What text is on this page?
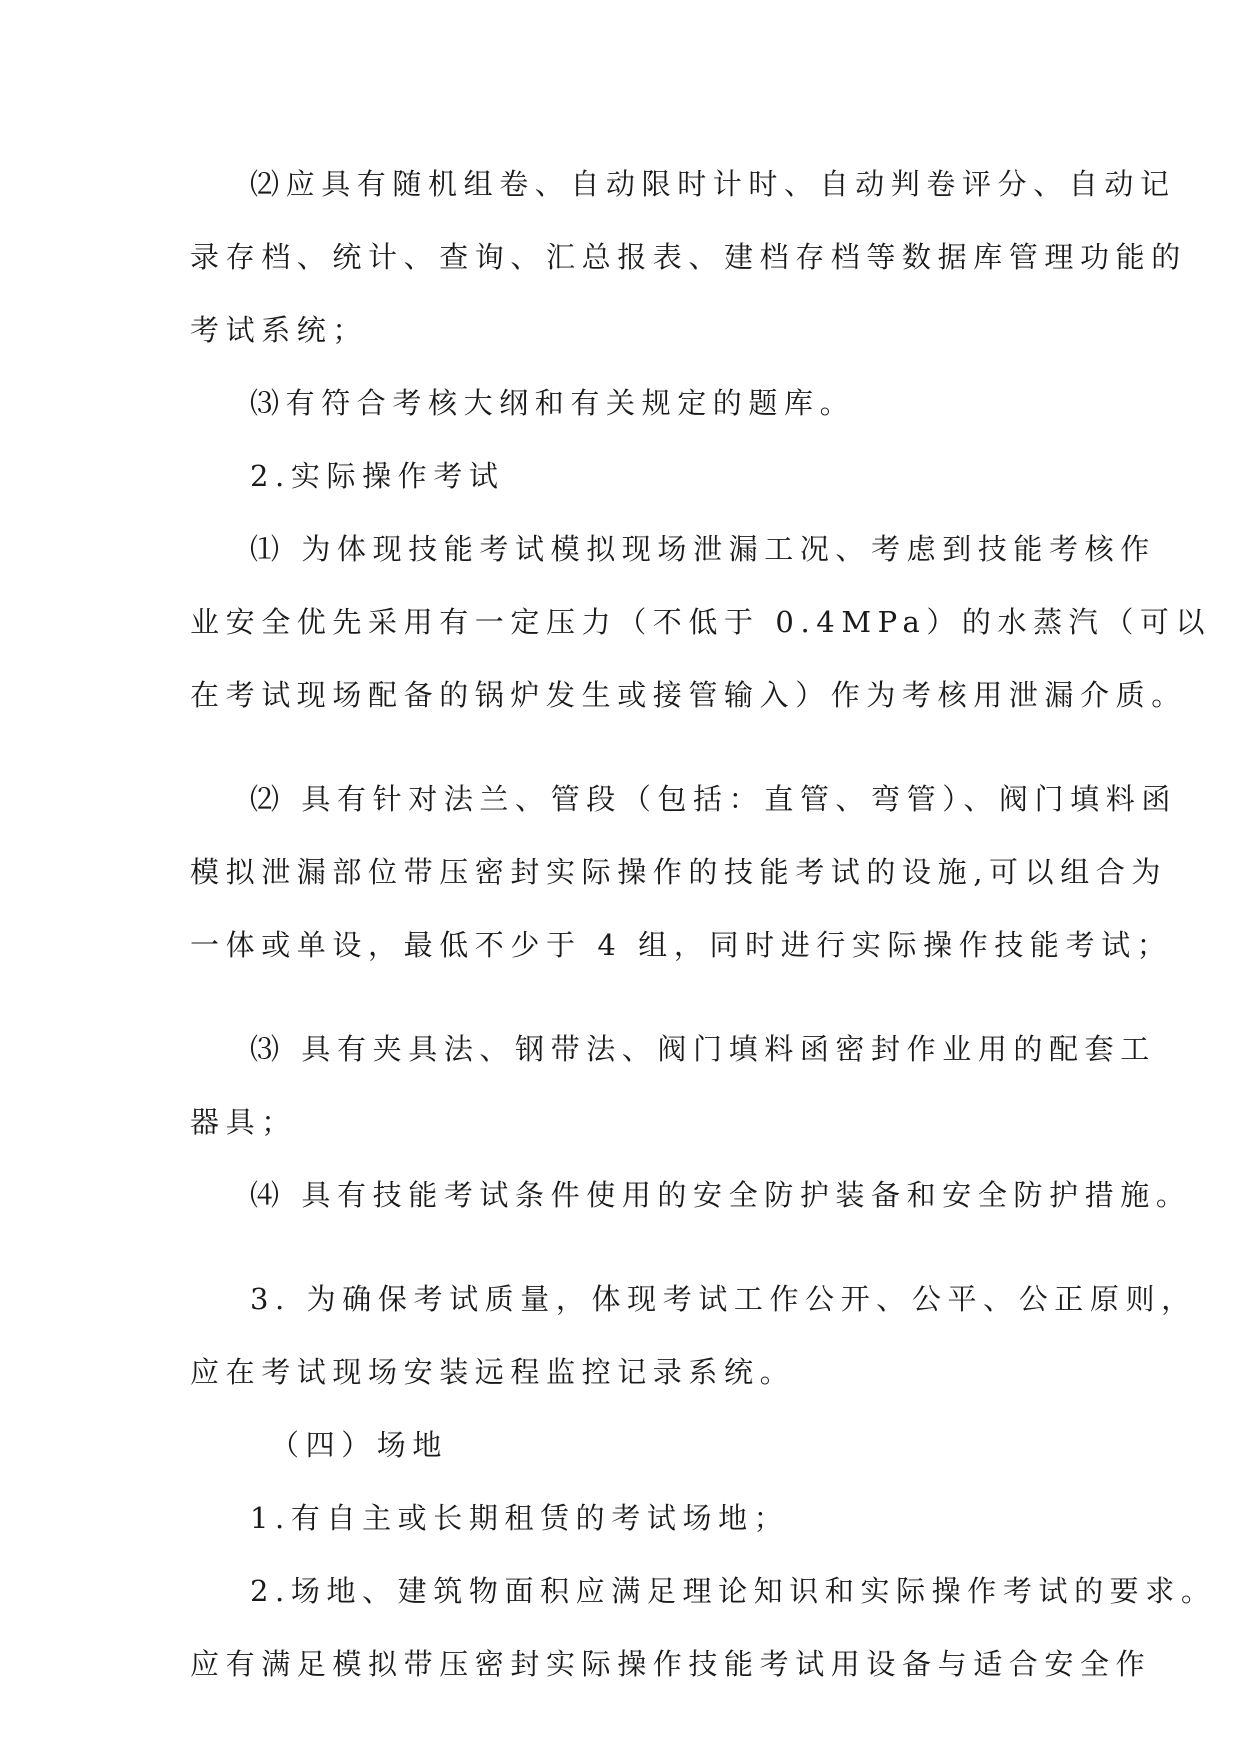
⑵应具有随机组卷、自动限时计时、自动判卷评分、自动记

录存档、统计、查询、汇总报表、建档存档等数据库管理功能的

考试系统；

⑶有符合考核大纲和有关规定的题库。

2.实际操作考试

⑴ 为体现技能考试模拟现场泄漏工况、考虑到技能考核作

业安全优先采用有一定压力（不低于 0.4MPa）的水蒸汽（可以

在考试现场配备的锅炉发生或接管输入）作为考核用泄漏介质。

⑵ 具有针对法兰、管段（包括：直管、弯管）、阀门填料函

模拟泄漏部位带压密封实际操作的技能考试的设施,可以组合为

一体或单设，最低不少于 4 组，同时进行实际操作技能考试；

⑶ 具有夹具法、钢带法、阀门填料函密封作业用的配套工

器具；

⑷ 具有技能考试条件使用的安全防护装备和安全防护措施。

3. 为确保考试质量，体现考试工作公开、公平、公正原则，

应在考试现场安装远程监控记录系统。

（四）场地

1.有自主或长期租赁的考试场地；

2.场地、建筑物面积应满足理论知识和实际操作考试的要求。

应有满足模拟带压密封实际操作技能考试用设备与适合安全作
